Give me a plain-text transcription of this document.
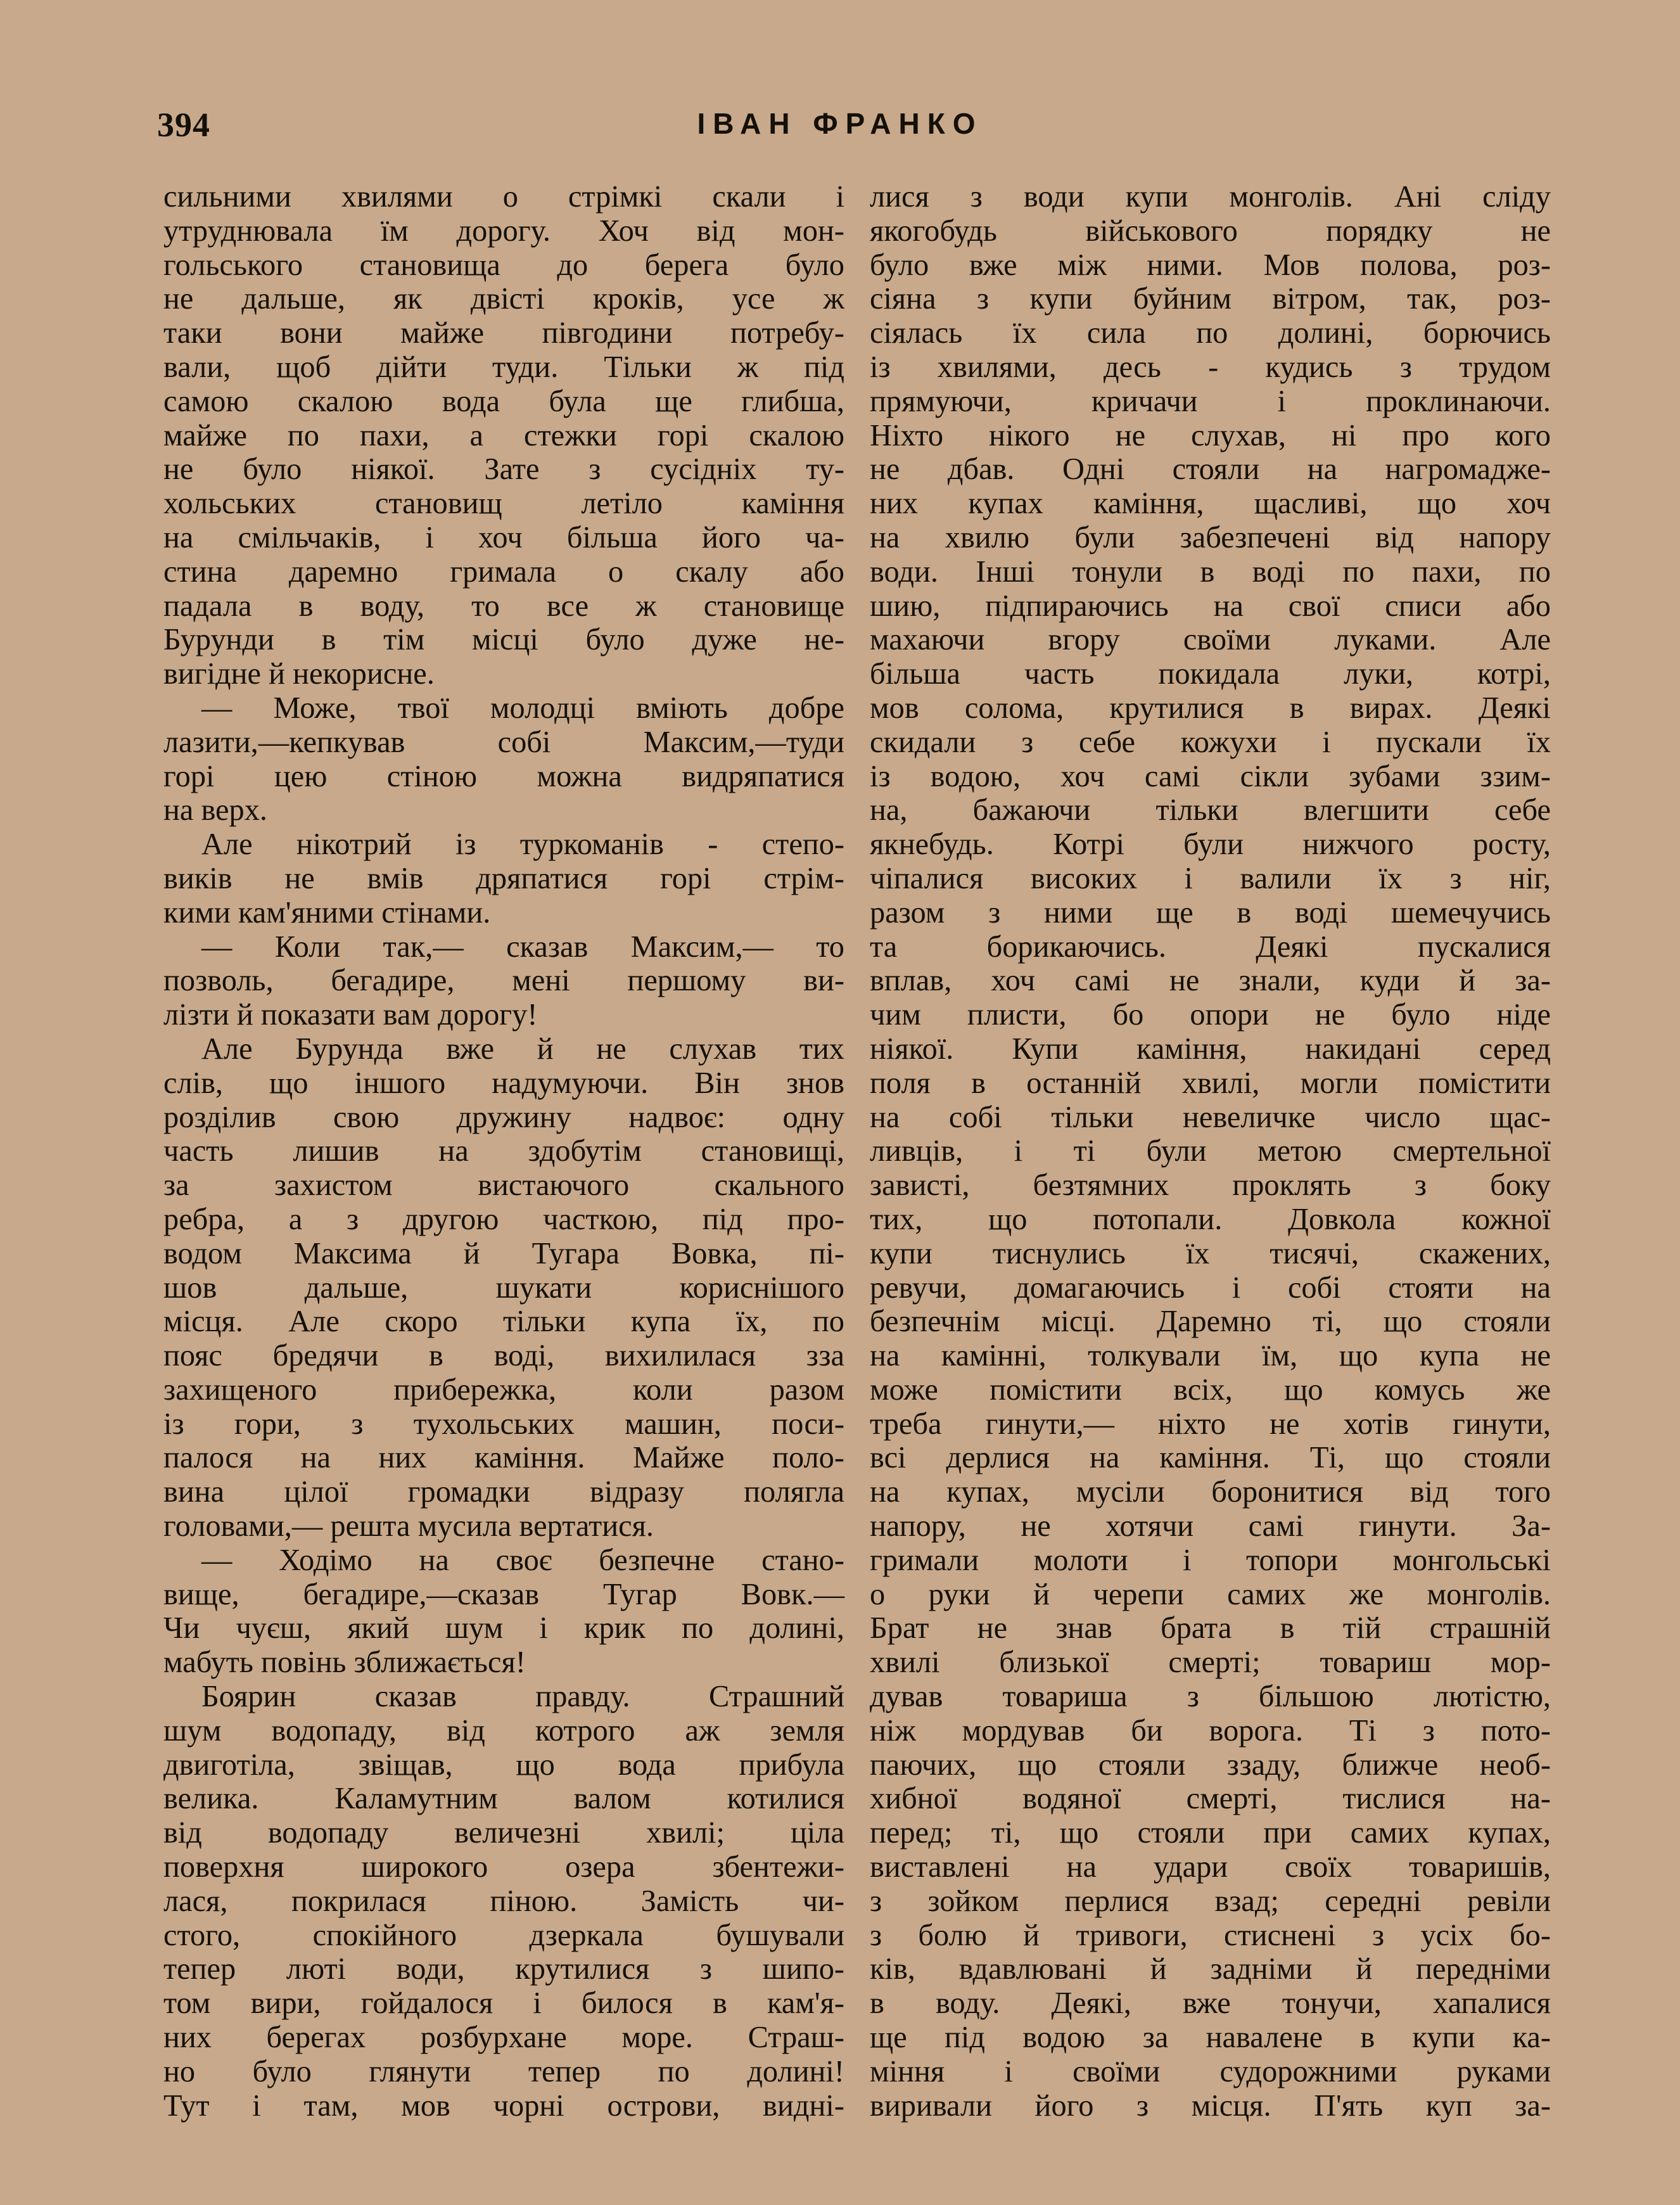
394	ІВАН ФРАНКО

сильними хвилями о стрімкі скали і

утруднювала їм дорогу. Хоч від мон-

гольського становища до берега було

не дальше, як двісті кроків, усе ж

таки вони майже півгодини потребу-

вали, щоб дійти туди. Тільки ж під

самою скалою вода була ще глибша,

майже по пахи, а стежки горі скалою

не було ніякої. Зате з сусідніх ту-

хольських становищ летіло каміння

на смільчаків, і хоч більша його ча-

стина даремно гримала о скалу або

падала в воду, то все ж становище

Бурунди в тім місці було дуже не-

вигідне й некорисне.

— Може, твої молодці вміють добре

лазити,—кепкував собі Максим,—туди

горі цею стіною можна видряпатися

на верх.

Але нікотрий із туркоманів - степо-

виків не вмів дряпатися горі стрім-

кими кам'яними стінами.

— Коли так,— сказав Максим,— то

позволь, бегадире, мені першому ви-

лізти й показати вам дорогу!

Але Бурунда вже й не слухав тих

слів, що іншого надумуючи. Він знов

розділив свою дружину надвоє: одну

часть лишив на здобутім становищі,

за захистом вистаючого скального

ребра, а з другою часткою, під про-

водом Максима й Тугара Вовка, пі-

шов дальше, шукати кориснішого

місця. Але скоро тільки купа їх, по

пояс бредячи в воді, вихилилася зза

захищеного прибережка, коли разом

із гори, з тухольських машин, поси-

палося на них каміння. Майже поло-

вина цілої громадки відразу полягла

головами,— решта мусила вертатися.

— Ходімо на своє безпечне стано-

вище, бегадире,—сказав Тугар Вовк.—

Чи чуєш, який шум і крик по долині,

мабуть повінь зближається!

Боярин сказав правду. Страшний

шум водопаду, від котрого аж земля

двиготіла, звіщав, що вода прибула

велика. Каламутним валом котилися

від водопаду величезні хвилі; ціла

поверхня широкого озера збентежи-

лася, покрилася піною. Замість чи-

стого, спокійного дзеркала бушували

тепер люті води, крутилися з шипо-

том вири, гойдалося і билося в кам'я-

них берегах розбурхане море. Страш-

но було глянути тепер по долині!

Тут і там, мов чорні острови, видні-

лися з води купи монголів. Ані сліду

якогобудь військового порядку не

було вже між ними. Мов полова, роз-

сіяна з купи буйним вітром, так, роз-

сіялась їх сила по долині, борючись

із хвилями, десь - кудись з трудом

прямуючи, кричачи і проклинаючи.

Ніхто нікого не слухав, ні про кого

не дбав. Одні стояли на нагромадже-

них купах каміння, щасливі, що хоч

на хвилю були забезпечені від напору

води. Інші тонули в воді по пахи, по

шию, підпираючись на свої списи або

махаючи вгору своїми луками. Але

більша часть покидала луки, котрі,

мов солома, крутилися в вирах. Деякі

скидали з себе кожухи і пускали їх

із водою, хоч самі сікли зубами ззим-

на, бажаючи тільки влегшити себе

якнебудь. Котрі були нижчого росту,

чіпалися високих і валили їх з ніг,

разом з ними ще в воді шемечучись

та борикаючись. Деякі пускалися

вплав, хоч самі не знали, куди й за-

чим плисти, бо опори не було ніде

ніякої. Купи каміння, накидані серед

поля в останній хвилі, могли помістити

на собі тільки невеличке число щас-

ливців, і ті були метою смертельної

зависті, безтямних проклять з боку

тих, що потопали. Довкола кожної

купи тиснулись їх тисячі, скажених,

ревучи, домагаючись і собі стояти на

безпечнім місці. Даремно ті, що стояли

на камінні, толкували їм, що купа не

може помістити всіх, що комусь же

треба гинути,— ніхто не хотів гинути,

всі дерлися на каміння. Ті, що стояли

на купах, мусіли боронитися від того

напору, не хотячи самі гинути. За-

гримали молоти і топори монгольські

о руки й черепи самих же монголів.

Брат не знав брата в тій страшній

хвилі близької смерті; товариш мор-

дував товариша з більшою лютістю,

ніж мордував би ворога. Ті з пото-

паючих, що стояли ззаду, ближче необ-

хибної водяної смерті, тислися на-

перед; ті, що стояли при самих купах,

виставлені на удари своїх товаришів,

з зойком перлися взад; середні ревіли

з болю й тривоги, стиснені з усіх бо-

ків, вдавлювані й задніми й передніми

в воду. Деякі, вже тонучи, хапалися

ще під водою за навалене в купи ка-

міння і своїми судорожними руками

виривали його з місця. П'ять куп за-
